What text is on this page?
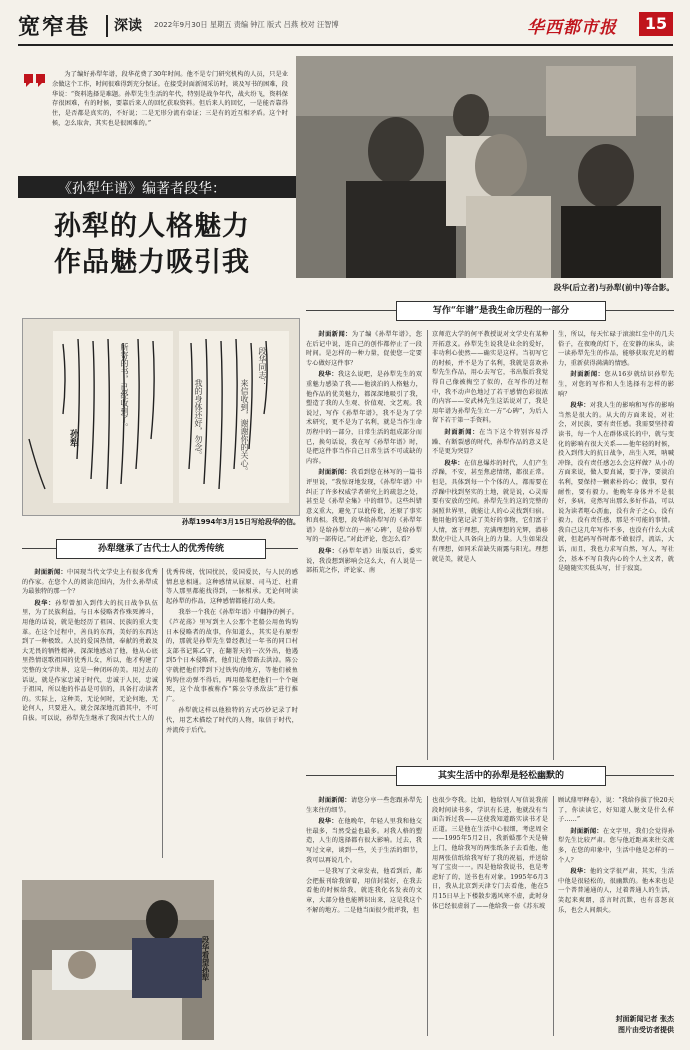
宽窄巷 深读 2022年9月30日 星期五 责编 钟江 版式 吕燕 校对 汪智博	华西都市报	15
为了编好孙犁年谱，段华花费了30年时间。他不是专门研究机构的人员，只是业余做这个工作，时间很难得到充分保证。在接受封面新闻采访时，谈及写书的困难，段华说：“资料选择是难题。孙犁先生生活的年代，特别是战争年代，战火纷飞，资料保存很困难，有的时候，要靠后来人的回忆获取资料。但后来人的回忆，一是能否靠得住，是否都是真实的，不好说；二是无形分流有牵证；三是有的近互相矛盾。这个时候，怎么取舍，其实也是很困难的。”
段华(后立者)与孙犁(前中)等合影。
《孙犁年谱》编著者段华：
孙犁的人格魅力
作品魅力吸引我
段华同志：
来信收到，谢谢你的关心。
我的身体还好，勿念。
所寄的书，已经收到了。
孙犁
孙犁1994年3月15日写给段华的信。
写作“年谱”是我生命历程的一部分

封面新闻：为了编《孙犁年谱》，您在后记中说，连自己的创作都停止了一段时间。是怎样的一种力量，促使您一定要专心做好这件事？

段华：我这么说吧，是孙犁先生的双重魅力感染了我——他淡泊的人格魅力，他作品的优美魅力，都深深地吸引了我，塑造了我的人生观、价值观、文艺观。我说过，写作《孙犁年谱》，我不是为了学术研究，更不是为了名利，就是当作生命历程中的一部分，日常生活的组成部分而已，换句话说，我在写《孙犁年谱》时，是把这件事当作自己日常生活不可或缺的内容。

封面新闻：我看到您在林写的一篇书评里说，“我惊讶地发现，《孙犁年谱》中纠正了许多权威学者研究上的疏忽之处，甚至是《孙犁全集》中的细节。这些纠错意义重大，避免了以讹传讹，还原了事实和真相。我想，段华给孙犁写的《孙犁年谱》是给孙犁立的一座‘心碑’，是给孙犁写的一部传记。”对此评论，您怎么看？

段华：《孙犁年谱》出版以后，委实说，我没想到影响会这么大，有人说是一部拓荒之作，评论家、南

京师范大学的何平教授说对文学史有某种开拓意义。孙犁先生说我是业余的爱好，非功利心使然——确实是这样。当初写它的时候，并不是为了名利，我就是喜欢孙犁先生作品，用心去写它，书出版后我觉得自己像被掏空了似的，在写作的过程中，我不动声色地过了若干感情色彩很浓的内容——安武林先生这话说对了，我是用年谱为孙犁先生立一方“心碑”，为后人留下若干第一手资料。

封面新闻：在当下这个特别容易浮躁、有断裂感的时代，孙犁作品的意义是不是更为突显？

段华：在信息爆炸的时代，人们产生浮躁，不安，甚至焦虑情绪，都很正常。但是，具体到每一个个体的人，都需要在浮躁中找到坚实的土地，就是说，心灵需要有安放的空间。孙犁先生的这的完整的洞照世界里，就能让人的心灵找到归宿。他用他的笔记录了美好的事物，它们富于人情，富于理想，充满理想的光辉，潜移默化中让人具备向上的力量。人生如果没有理想，如同禾苗缺失雨露与阳光。理想就是美，就是人

生，所以，每天忙碌于滚滚红尘中的几夫俗子，在夜晚的灯下，在安静的床头，读一读孙犁先生的作品，能够获取充足的精力，重新获得满满的情感。

封面新闻：您从16岁就结识孙犁先生，对您的写作和人生选择有怎样的影响？

段华：对我人生的影响和写作的影响当然是很大的。从大的方面来说，对社会，对民族，要有责任感。我需要坚持着读书，每一个人在群体成长的中，就与变化的影响有很大关系——他年轻的时候，投入到伟大的抗日战争，出生入死，呐喊冲锋，没有责任感怎么会这样做？从小的方面来说，做人要真诚，要于净，要淡泊名利，要保持一颗素朴的心；做事，要有耐性，要有毅力。他晚年身体并不是很好，多病，竟然写出那么多好作品，可以说为读者呕心沥血，没有舍子之心，没有毅力，没有责任感，那是不可能的事情。我自己这几年写作不多，也没有什么大成就，但起码写作时都不敢很浮，流话，大话，而且，我也力求写自然，写人，写社会，基本不写自我内心的个人主义者，就是随随实实低头写，甘于寂寞。

孙犁继承了古代士人的优秀传统

封面新闻：中国现当代文学史上有很多优秀的作家。在您个人的阅读范围内，为什么孙犁成为最独特的那一个？

段华：孙犁曾加入到伟大的抗日战争队伍里，为了民族利益，与日本侵略者作殊死搏斗，用他的话说，就是他经历了祖国、民族的重大变革。在这个过程中，善良的东西，美好的东西达到了一种极致。人民的爱国热情，奉献的勇敢及大无畏的牺牲精神，深深地感动了他，他从心底里热情讴歌祖国的优秀儿女，所以，他才构建了完整的文学世界，这是一种闭环的美。用过去的话说，就是作家忠诚于时代，忠诚于人民，忠诚于祖国，所以他的作品是可信的，具备打动读者的。实际上，这种美，无论何时，无论何地，无论何人，只要进入，就会深深地沉潜其中，不可自拔。可以说，孙犁先生继承了我国古代士人的

优秀传统，忧国忧民，爱国爱民，与人民的感情息息相通。这种感情从屈原、司马迁、杜甫等人那里都能找得到，一脉相承。无论何时读起孙犁的作品，这种感情都能打动人类。

我举一个我在《孙犁年谱》中翻挣的例子。《芦花荡》里写到主人公那个老船公用鱼钩钩日本侵略者的故事，你知道么，其实是有原型的，那就是孙犁先生曾经教过一年书的同口村支部书记陈乙守，在翻署天的一次外出，他遇到5个日本侵略者，他们让他带路去洪淖。陈公守就把他们带到下过铁钩的地方，等他们被鱼钩钩住动弹不得后，再用船桨把他们一个个砸死，这个故事被称作“陈公守杀敌法”进行推广。

孙犁就这样以他独特的方式巧妙记录了时代，用艺术描绘了时代的人物，取信于时代，并流传于后代。

段华看望孙犁
其实生活中的孙犁是轻松幽默的

封面新闻：请您分享一些您跟孙犁先生来往的细节。

段华：在他晚年，年轻人里我和他交往最多，当然受益也最多。对我人格的塑造，人生的选择都有很大影响。过去，我写过文章，谈到一些，关于生活的细节，我可以再说几个。

一是我写了文章发表，他看到后，都会把报刊给我留着，用信封装好，在我去看他的时候给我，就连我化名发表的文章，大部分他也能辨识出来，这是我这个不解的地方。二是他当面很少批评我，但

也很少夸我。比如，他给别人写信说我前段时间读书多，学识有长进，他就没有当面告诉过我——这使我知道路实读书才是正道。三是他在生活中心很细，考虑周全——1995年5月2日，我新婚那个天是骑上门，他给我写的两张纸条子去看他，他用两张信纸给我写好了我的祝福，并送给写了宝贵一一。四是他给我说书，也是考虑好了的，送书也有对象。1995年6月3日，我从北京到天津专门去看他，他在5月15日早上下楼散步遇风寒不虚，此时身体已经很虚弱了——他给我一套《苏东坡

顾试鼎甲释卷》，说：“我给你拔了快20天了，你读读它，好知道人脱文是什么样子……”

封面新闻：在文字里，我们会觉得孙犁先生比较严肃。您与他近距离来往交流多，在您的印象中，生活中他是怎样的一个人？

段华：他的文学很严肃，其实，生活中他是很轻松的，很幽默的。他本来也是一个普普通通的人，过着普通人的生活，笑起来爽朗，喜言时沉默，也有喜怒哀乐，也会人间烟火。

封面新闻记者 张杰
图片由受访者提供
